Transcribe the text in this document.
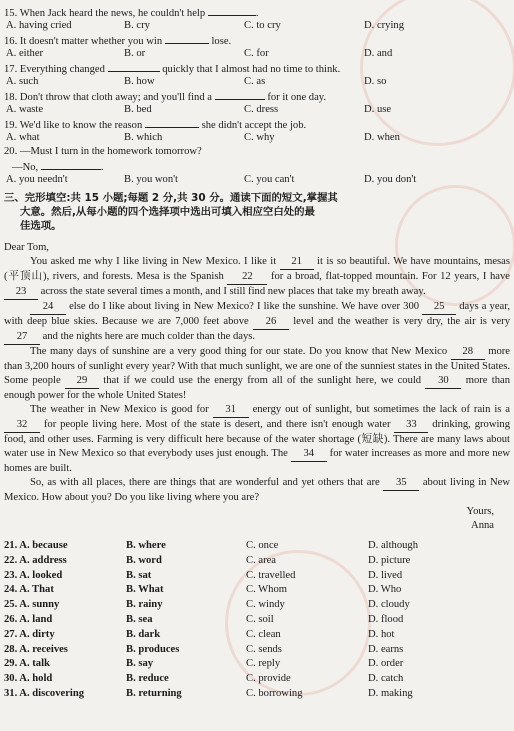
15. When Jack heard the news, he couldn't help	.
A. having cried	B. cry	C. to cry	D. crying
16. It doesn't matter whether you win	lose.
A. either	B. or	C. for	D. and
17. Everything changed	quickly that I almost had no time to think.
A. such	B. how	C. as	D. so
18. Don't throw that cloth away; and you'll find a	for it one day.
A. waste	B. bed	C. dress	D. use
19. We'd like to know the reason	she didn't accept the job.
A. what	B. which	C. why	D. when
20. —Must I turn in the homework tomorrow?
—No,	.
A. you needn't	B. you won't	C. you can't	D. you don't
三、完形填空:共 15 小题;每题 2 分,共 30 分。通读下面的短文,掌握其
大意。然后,从每小题的四个选择项中选出可填入相应空白处的最
佳选项。
Dear Tom,

You asked me why I like living in New Mexico. I like it 21 it is so beautiful. We have mountains, mesas (平顶山), rivers, and forests. Mesa is the Spanish 22 for a broad, flat-topped mountain. For 12 years, I have 23 across the state several times a month, and I still find new places that take my breath away.

24 else do I like about living in New Mexico? I like the sunshine. We have over 300 25 days a year, with deep blue skies. Because we are 7,000 feet above 26 level and the weather is very dry, the air is very 27 and the nights here are much colder than the days.

The many days of sunshine are a very good thing for our state. Do you know that New Mexico 28 more than 3,200 hours of sunlight every year? With that much sunlight, we are one of the sunniest states in the United States. Some people 29 that if we could use the energy from all of the sunlight here, we could 30 more than enough power for the whole United States!

The weather in New Mexico is good for 31 energy out of sunlight, but sometimes the lack of rain is a 32 for people living here. Most of the state is desert, and there isn't enough water 33 drinking, growing food, and other uses. Farming is very difficult here because of the water shortage (短缺). There are many laws about water use in New Mexico so that everybody uses just enough. The 34 for water increases as more and more new homes are built.

So, as with all places, there are things that are wonderful and yet others that are 35 about living in New Mexico. How about you? Do you like living where you are?

Yours,
Anna
21. A. because	B. where	C. once	D. although
22. A. address	B. word	C. area	D. picture
23. A. looked	B. sat	C. travelled	D. lived
24. A. That	B. What	C. Whom	D. Who
25. A. sunny	B. rainy	C. windy	D. cloudy
26. A. land	B. sea	C. soil	D. flood
27. A. dirty	B. dark	C. clean	D. hot
28. A. receives	B. produces	C. sends	D. earns
29. A. talk	B. say	C. reply	D. order
30. A. hold	B. reduce	C. provide	D. catch
31. A. discovering	B. returning	C. borrowing	D. making
